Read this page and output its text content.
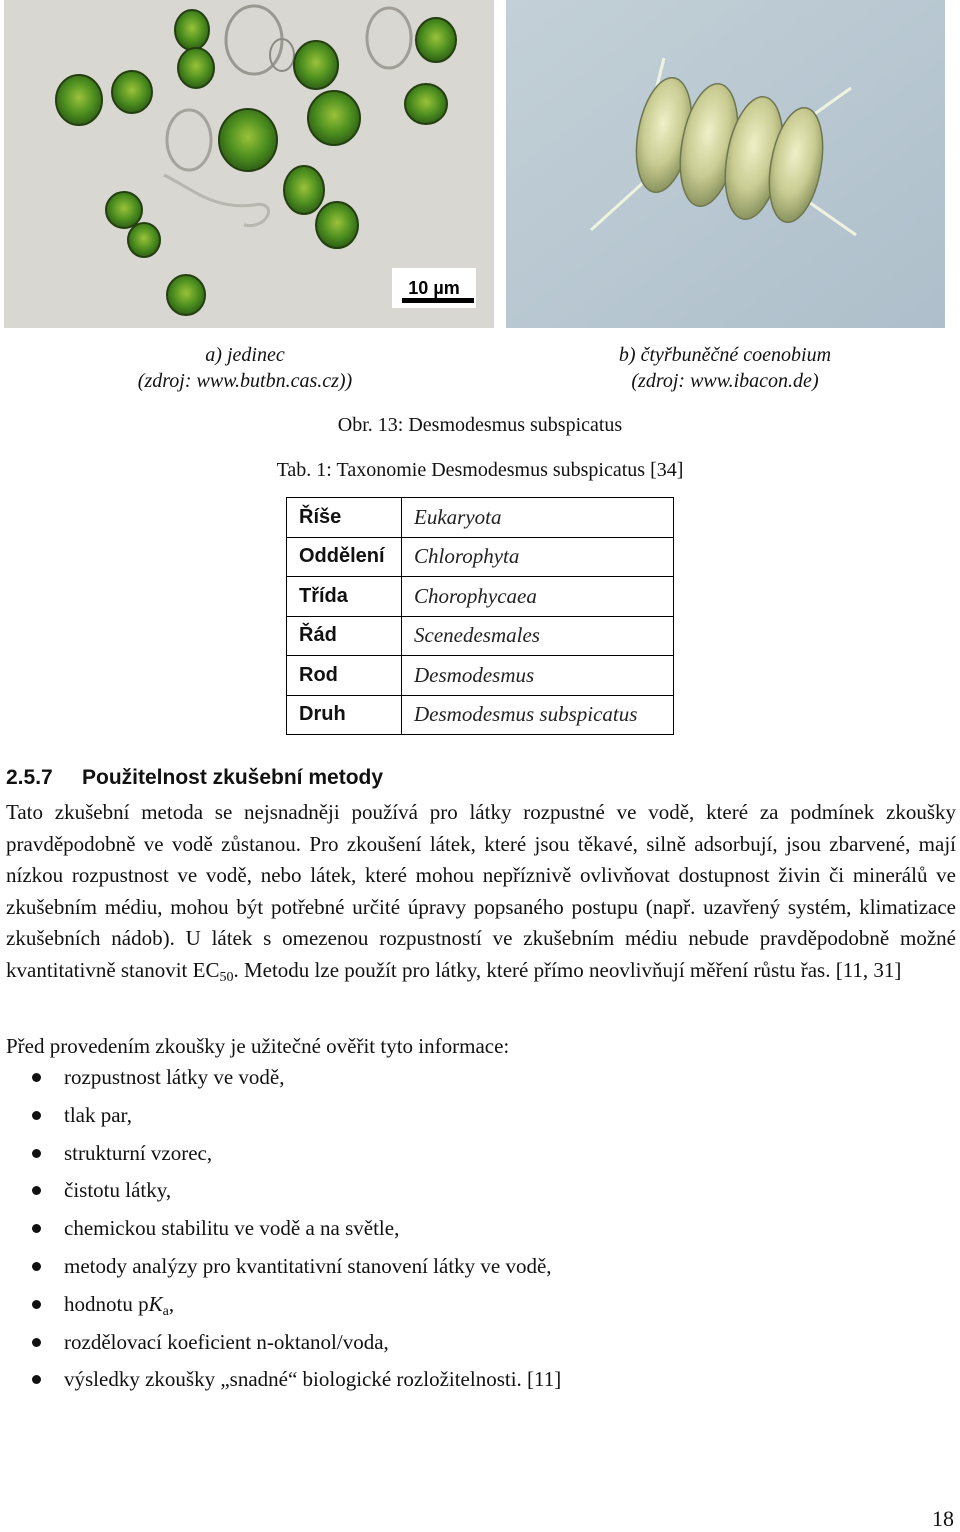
10 µm
a) jedinec
(zdroj: www.butbn.cas.cz))
b) čtyřbuněčné coenobium
(zdroj: www.ibacon.de)
Obr. 13: Desmodesmus subspicatus
Tab. 1: Taxonomie Desmodesmus subspicatus [34]
Říše	Eukaryota
Oddělení	Chlorophyta
Třída	Chorophycaea
Řád	Scenedesmales
Rod	Desmodesmus
Druh	Desmodesmus subspicatus
2.5.7 Použitelnost zkušební metody

Tato zkušební metoda se nejsnadněji používá pro látky rozpustné ve vodě, které za podmínek zkoušky pravděpodobně ve vodě zůstanou. Pro zkoušení látek, které jsou těkavé, silně adsorbují, jsou zbarvené, mají nízkou rozpustnost ve vodě, nebo látek, které mohou nepříznivě ovlivňovat dostupnost živin či minerálů ve zkušebním médiu, mohou být potřebné určité úpravy popsaného postupu (např. uzavřený systém, klimatizace zkušebních nádob). U látek s omezenou rozpustností ve zkušebním médiu nebude pravděpodobně možné kvantitativně stanovit $EC_{50}$. Metodu lze použít pro látky, které přímo neovlivňují měření růstu řas. [11, 31]

Před provedením zkoušky je užitečné ověřit tyto informace:

rozpustnost látky ve vodě,
tlak par,
strukturní vzorec,
čistotu látky,
chemickou stabilitu ve vodě a na světle,
metody analýzy pro kvantitativní stanovení látky ve vodě,
hodnotu $pK_a$,
rozdělovací koeficient n-oktanol/voda,
výsledky zkoušky „snadné“ biologické rozložitelnosti. [11]
18
